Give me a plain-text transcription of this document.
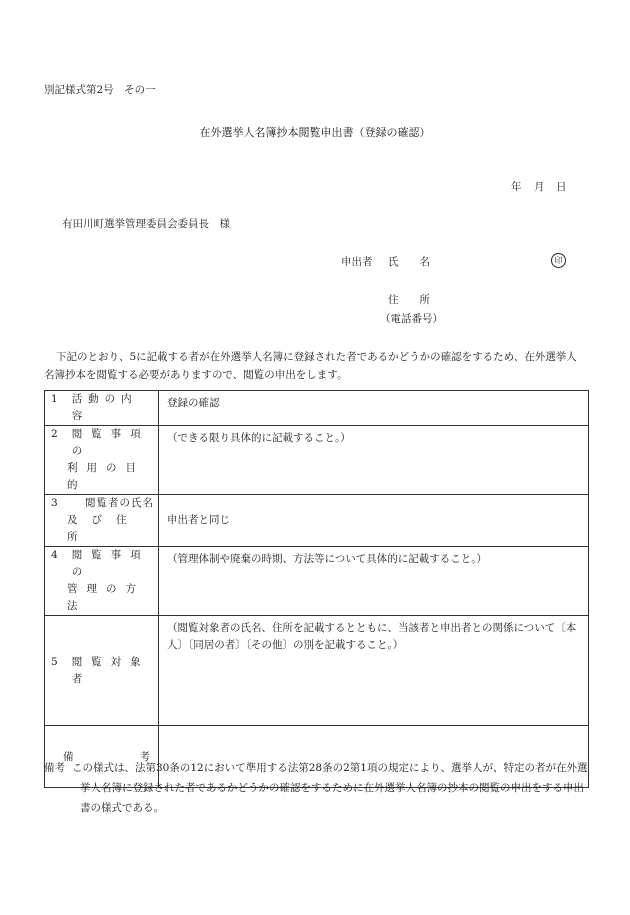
別記様式第2号　その一
在外選挙人名簿抄本閲覧申出書（登録の確認）
年 月 日
有田川町選挙管理委員会委員長　様
申出者 氏　　名	印
住　　所
（電話番号）
下記のとおり、5に記載する者が在外選挙人名簿に登録された者であるかどうかの確認をするため、在外選挙人名簿抄本を閲覧する必要がありますので、閲覧の申出をします。
1 活動の内容	登録の確認

2 閲覧事項の
利用の目的	（できる限り具体的に記載すること。）

3 閲覧者の氏名
及び住所	申出者と同じ

4 閲覧事項の
管理の方法	（管理体制や廃棄の時期、方法等について具体的に記載すること。）

5 閲覧対象者	（閲覧対象者の氏名、住所を記載するとともに、当該者と申出者との関係について〔本人〕〔同居の者〕〔その他〕の別を記載すること。）

備　　　考	

備考 この様式は、法第30条の12において準用する法第28条の2第1項の規定により、選挙人が、特定の者が在外選挙人名簿に登録された者であるかどうかの確認をするために在外選挙人名簿の抄本の閲覧の申出をする申出書の様式である。
